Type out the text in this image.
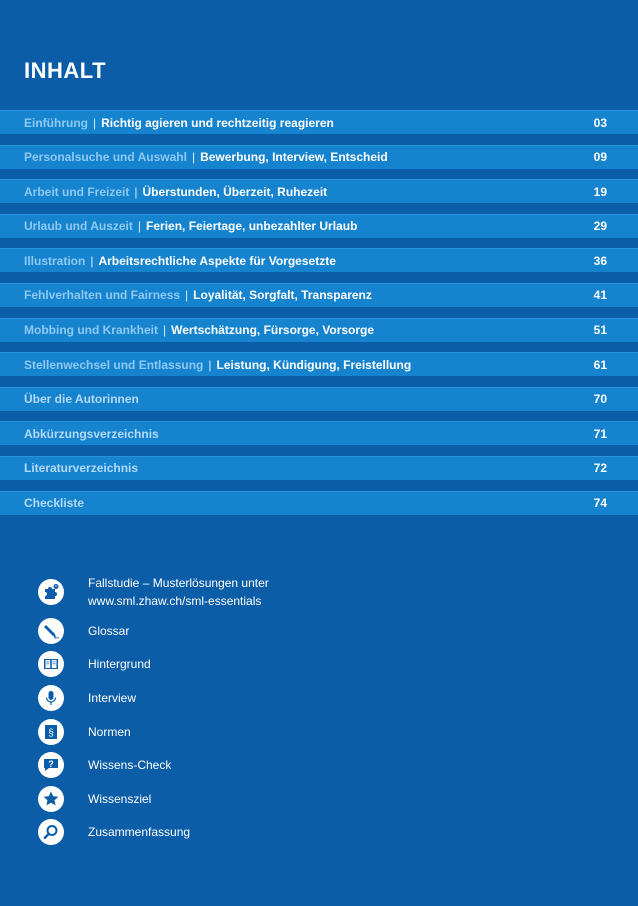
INHALT
Einführung | Richtig agieren und rechtzeitig reagieren	03
Personalsuche und Auswahl | Bewerbung, Interview, Entscheid	09
Arbeit und Freizeit | Überstunden, Überzeit, Ruhezeit	19
Urlaub und Auszeit | Ferien, Feiertage, unbezahlter Urlaub	29
Illustration | Arbeitsrechtliche Aspekte für Vorgesetzte	36
Fehlverhalten und Fairness | Loyalität, Sorgfalt, Transparenz	41
Mobbing und Krankheit | Wertschätzung, Fürsorge, Vorsorge	51
Stellenwechsel und Entlassung | Leistung, Kündigung, Freistellung	61
Über die Autorinnen	70
Abkürzungsverzeichnis	71
Literaturverzeichnis	72
Checkliste	74
Fallstudie – Musterlösungen unter
www.sml.zhaw.ch/sml-essentials
Glossar
Hintergrund
Interview
§	Normen
?	Wissens-Check
Wissensziel
Zusammenfassung
